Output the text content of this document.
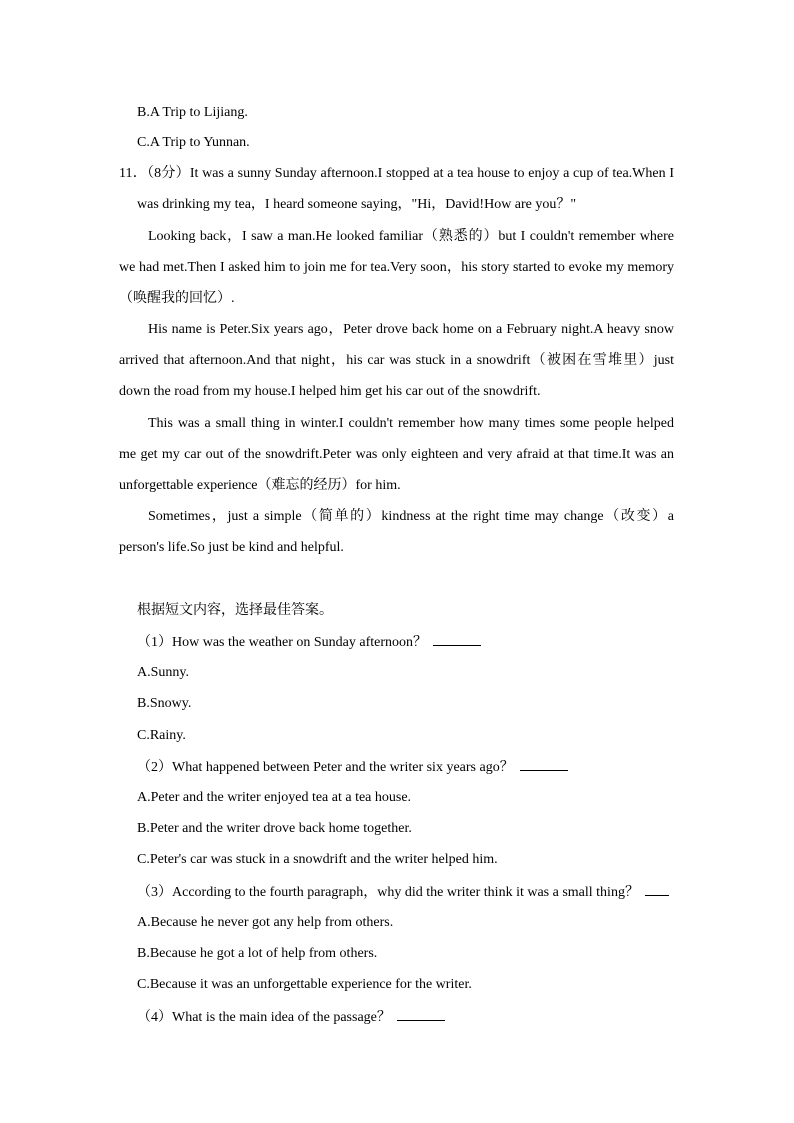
B.A Trip to Lijiang.
C.A Trip to Yunnan.
11．（8分）It was a sunny Sunday afternoon.I stopped at a tea house to enjoy a cup of tea.When I
was drinking my tea，I heard someone saying，"Hi，David!How are you？"
Looking back，I saw a man.He looked familiar（熟悉的）but I couldn't remember where
we had met.Then I asked him to join me for tea.Very soon，his story started to evoke my memory
（唤醒我的回忆）.
His name is Peter.Six years ago，Peter drove back home on a February night.A heavy snow
arrived that afternoon.And that night，his car was stuck in a snowdrift（被困在雪堆里）just
down the road from my house.I helped him get his car out of the snowdrift.
This was a small thing in winter.I couldn't remember how many times some people helped
me get my car out of the snowdrift.Peter was only eighteen and very afraid at that time.It was an
unforgettable experience（难忘的经历）for him.
Sometimes，just a simple（简单的）kindness at the right time may change（改变）a
person's life.So just be kind and helpful.
根据短文内容，选择最佳答案。
（1）How was the weather on Sunday afternoon？
A.Sunny.
B.Snowy.
C.Rainy.
（2）What happened between Peter and the writer six years ago？
A.Peter and the writer enjoyed tea at a tea house.
B.Peter and the writer drove back home together.
C.Peter's car was stuck in a snowdrift and the writer helped him.
（3）According to the fourth paragraph，why did the writer think it was a small thing？
A.Because he never got any help from others.
B.Because he got a lot of help from others.
C.Because it was an unforgettable experience for the writer.
（4）What is the main idea of the passage？
